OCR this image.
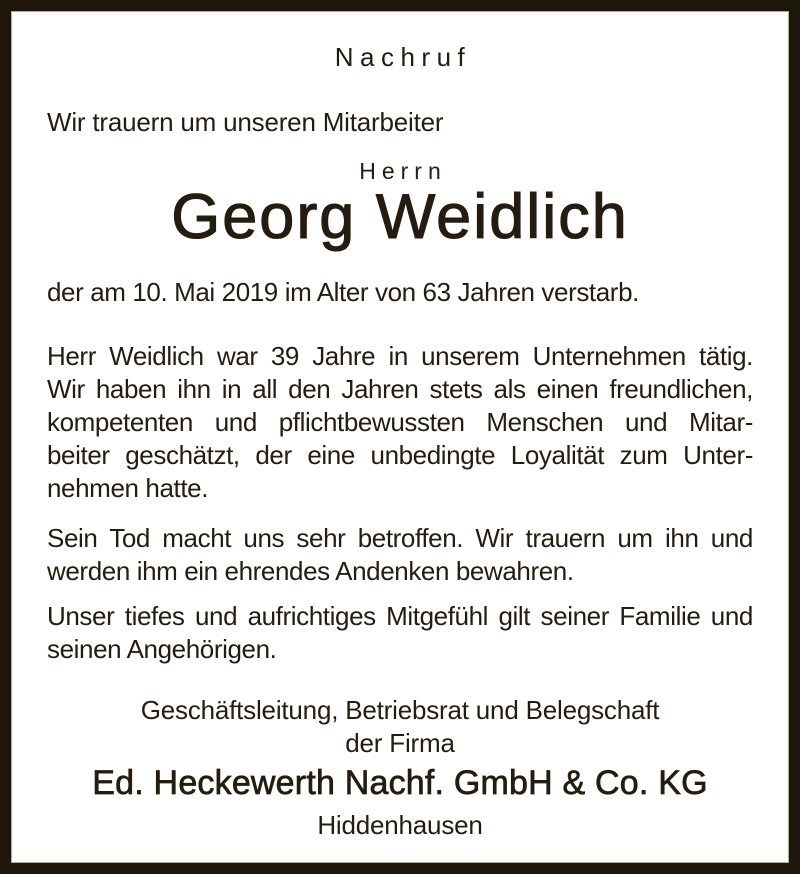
Nachruf
Wir trauern um unseren Mitarbeiter
Herrn
Georg Weidlich
der am 10. Mai 2019 im Alter von 63 Jahren verstarb.
Herr Weidlich war 39 Jahre in unserem Unternehmen tätig.
Wir haben ihn in all den Jahren stets als einen freundlichen,
kompetenten und pflichtbewussten Menschen und Mitar-
beiter geschätzt, der eine unbedingte Loyalität zum Unter-
nehmen hatte.
Sein Tod macht uns sehr betroffen. Wir trauern um ihn und
werden ihm ein ehrendes Andenken bewahren.
Unser tiefes und aufrichtiges Mitgefühl gilt seiner Familie und
seinen Angehörigen.
Geschäftsleitung, Betriebsrat und Belegschaft
der Firma
Ed. Heckewerth Nachf. GmbH & Co. KG
Hiddenhausen
